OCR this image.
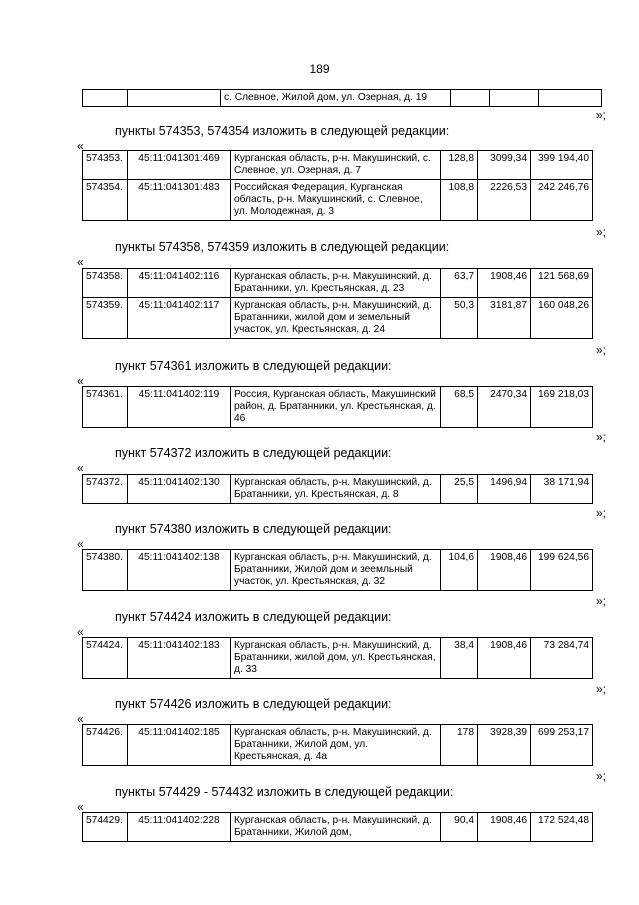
189
		с. Слевное, Жилой дом, ул. Озерная, д. 19			
»;
пункты 574353, 574354 изложить в следующей редакции:
«
574353.	45:11:041301:469	Курганская область, р-н. Макушинский, с. Слевное, ул. Озерная, д. 7	128,8	3099,34	399 194,40
574354.	45:11:041301:483	Российская Федерация, Курганская область, р-н. Макушинский, с. Слевное, ул. Молодежная, д. 3	108,8	2226,53	242 246,76
»;
пункты 574358, 574359 изложить в следующей редакции:
«
574358.	45:11:041402:116	Курганская область, р-н. Макушинский, д. Братанники, ул. Крестьянская, д. 23	63,7	1908,46	121 568,69
574359.	45:11:041402:117	Курганская область, р-н. Макушинский, д. Братанники, жилой дом и земельный участок, ул. Крестьянская, д. 24	50,3	3181,87	160 048,26
»;
пункт 574361 изложить в следующей редакции:
«
574361.	45:11:041402:119	Россия, Курганская область, Макушинский район, д. Братанники, ул. Крестьянская, д. 46	68,5	2470,34	169 218,03
»;
пункт 574372 изложить в следующей редакции:
«
574372.	45:11:041402:130	Курганская область, р-н. Макушинский, д. Братанники, ул. Крестьянская, д. 8	25,5	1496,94	38 171,94
»;
пункт 574380 изложить в следующей редакции:
«
574380.	45:11:041402:138	Курганская область, р-н. Макушинский, д. Братанники, Жилой дом и зеемльный участок, ул. Крестьянская, д. 32	104,6	1908,46	199 624,56
»;
пункт 574424 изложить в следующей редакции:
«
574424.	45:11:041402:183	Курганская область, р-н. Макушинский, д. Братанники, жилой дом, ул. Крестьянская, д. 33	38,4	1908,46	73 284,74
»;
пункт 574426 изложить в следующей редакции:
«
574426.	45:11:041402:185	Курганская область, р-н. Макушинский, д. Братанники, Жилой дом, ул. Крестьянская, д. 4а	178	3928,39	699 253,17
»;
пункты 574429 - 574432 изложить в следующей редакции:
«
574429.	45:11:041402:228	Курганская область, р-н. Макушинский, д. Братанники, Жилой дом,	90,4	1908,46	172 524,48
